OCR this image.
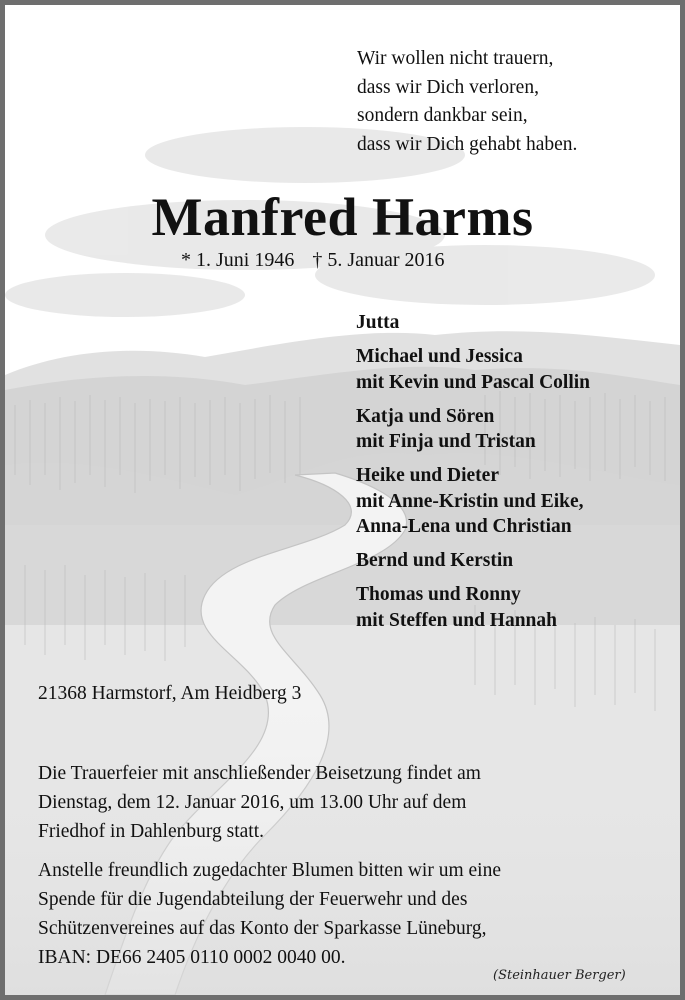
Wir wollen nicht trauern,
dass wir Dich verloren,
sondern dankbar sein,
dass wir Dich gehabt haben.
Manfred Harms
* 1. Juni 1946 † 5. Januar 2016
Jutta
Michael und Jessica
mit Kevin und Pascal Collin
Katja und Sören
mit Finja und Tristan
Heike und Dieter
mit Anne-Kristin und Eike,
Anna-Lena und Christian
Bernd und Kerstin
Thomas und Ronny
mit Steffen und Hannah
21368 Harmstorf, Am Heidberg 3
Die Trauerfeier mit anschließender Beisetzung findet am
Dienstag, dem 12. Januar 2016, um 13.00 Uhr auf dem
Friedhof in Dahlenburg statt.
Anstelle freundlich zugedachter Blumen bitten wir um eine
Spende für die Jugendabteilung der Feuerwehr und des
Schützenvereines auf das Konto der Sparkasse Lüneburg,
IBAN: DE66 2405 0110 0002 0040 00.
(Steinhauer Berger)
